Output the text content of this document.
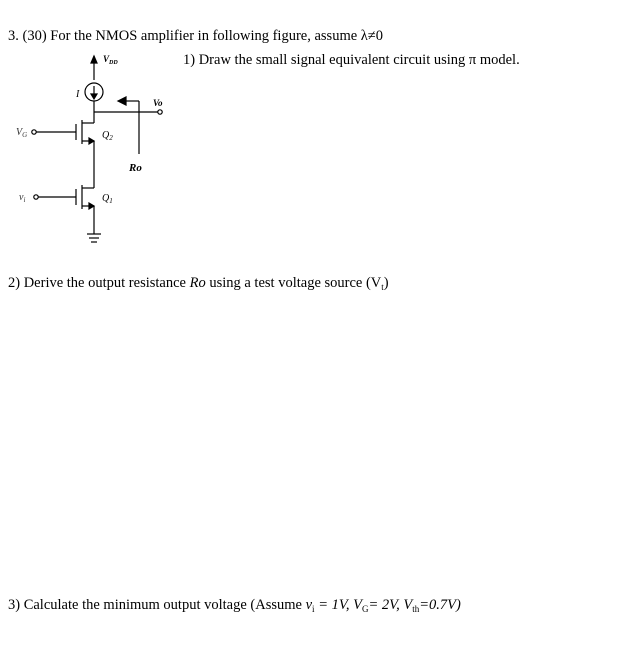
3. (30) For the NMOS amplifier in following figure, assume λ≠0
1) Draw the small signal equivalent circuit using π model.
2) Derive the output resistance Ro using a test voltage source $(V_t)$
3) Calculate the minimum output voltage (Assume $v_i = 1V$, $V_G= 2V$, $V_{th}=0.7V$)
$V_{DD}$
I
Vo
$V_G$
$v_i$
$Q_2$
$Q_1$
Ro
